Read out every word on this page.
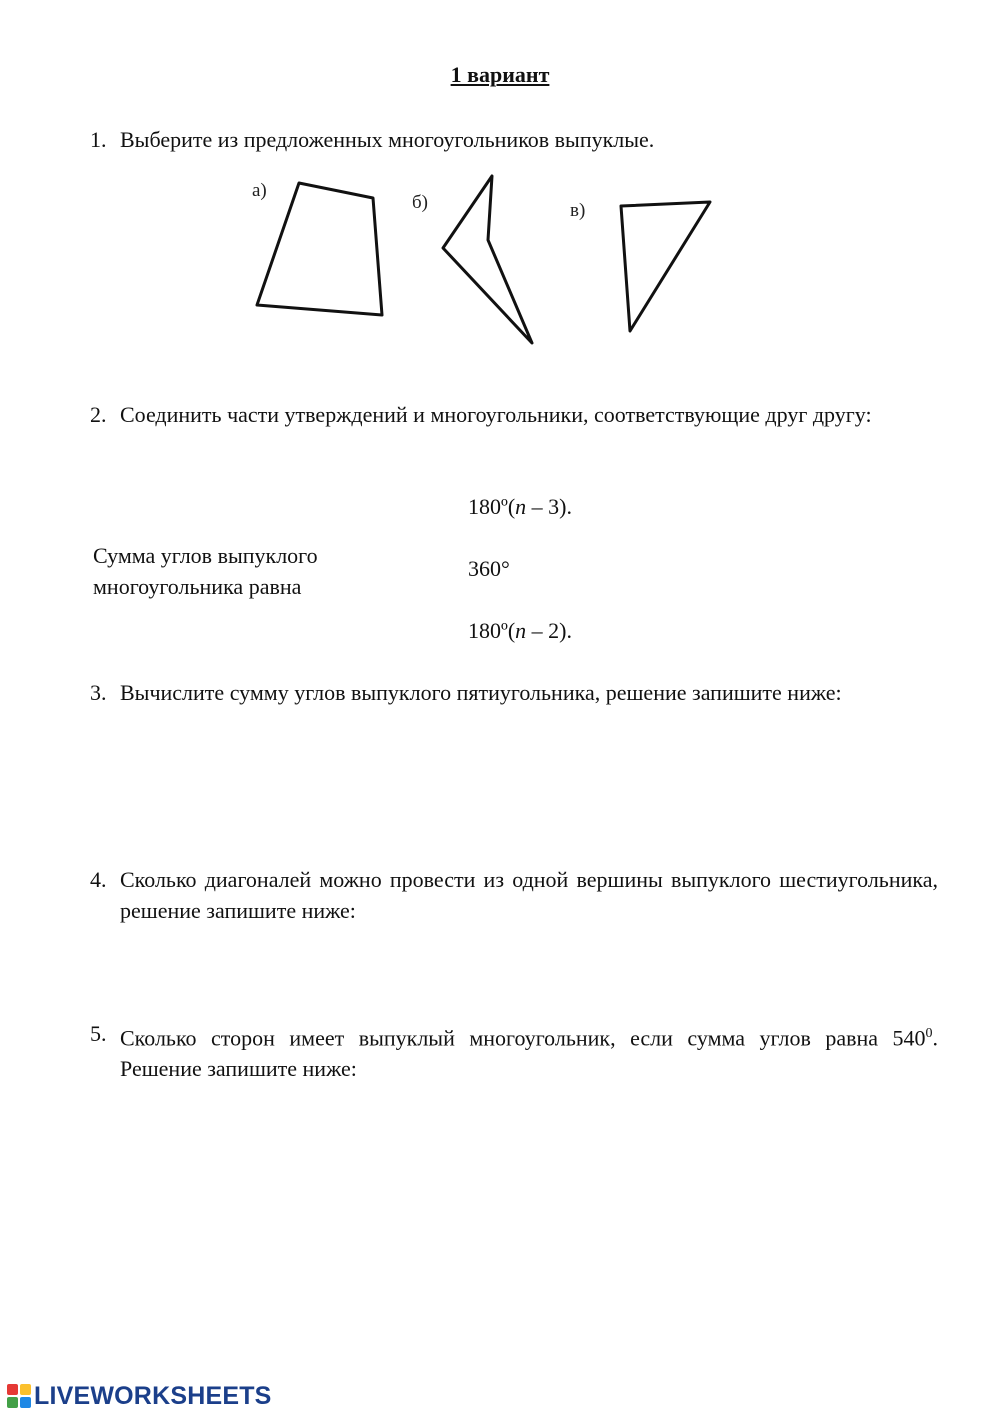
1 вариант
1. Выберите из предложенных многоугольников выпуклые.
а)
б)	в)
2. Соединить части утверждений и многоугольники, соответствующие друг другу:
Сумма углов выпуклого многоугольника равна
180º(n – 3).
360°
180º(n – 2).
3. Вычислите сумму углов выпуклого пятиугольника, решение запишите ниже:
4. Сколько диагоналей можно провести из одной вершины выпуклого шестиугольника, решение запишите ниже:
5. Сколько сторон имеет выпуклый многоугольник, если сумма углов равна $540^0$. Решение запишите ниже:
LIVEWORKSHEETS
